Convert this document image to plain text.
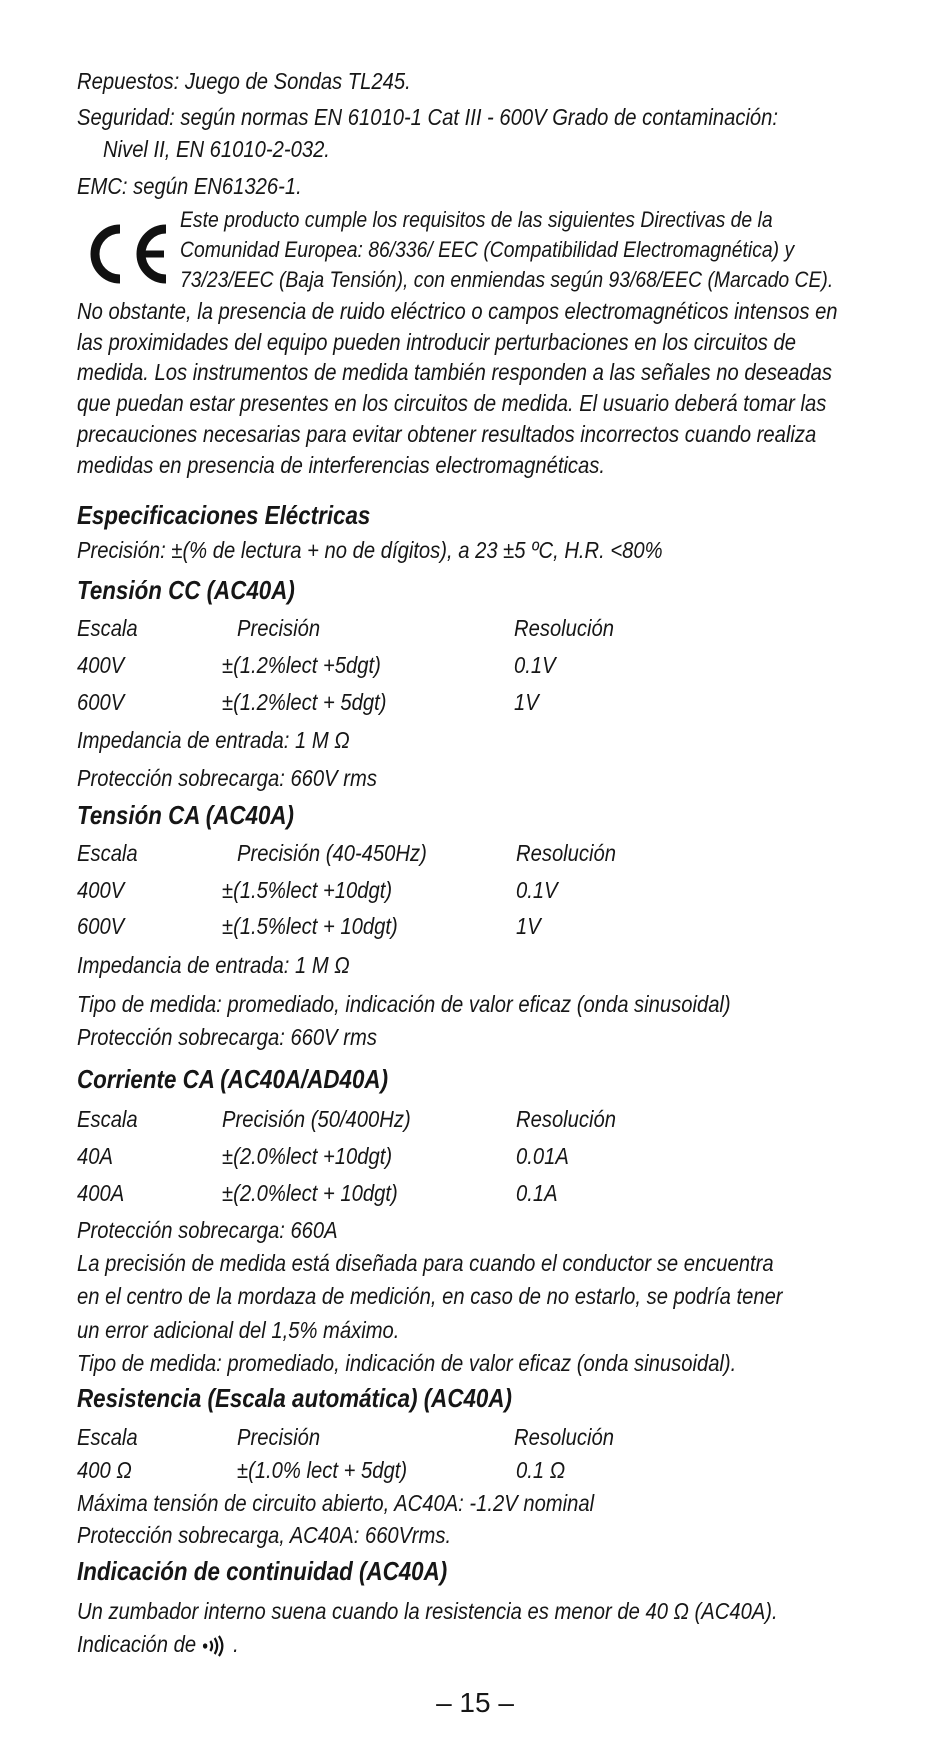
Repuestos: Juego de Sondas TL245.
Seguridad: según normas EN 61010-1 Cat III - 600V Grado de contaminación:
Nivel II, EN 61010-2-032.
EMC: según EN61326-1.
Este producto cumple los requisitos de las siguientes Directivas de la
Comunidad Europea: 86/336/ EEC (Compatibilidad Electromagnética) y
73/23/EEC (Baja Tensión), con enmiendas según 93/68/EEC (Marcado CE).
No obstante, la presencia de ruido eléctrico o campos electromagnéticos intensos en
las proximidades del equipo pueden introducir perturbaciones en los circuitos de
medida. Los instrumentos de medida también responden a las señales no deseadas
que puedan estar presentes en los circuitos de medida. El usuario deberá tomar las
precauciones necesarias para evitar obtener resultados incorrectos cuando realiza
medidas en presencia de interferencias electromagnéticas.
Especificaciones Eléctricas
Precisión: ±(% de lectura + no de dígitos), a 23 ±5 ºC, H.R. <80%
Tensión CC (AC40A)
Escala	Precisión	Resolución
400V	±(1.2%lect +5dgt)	0.1V
600V	±(1.2%lect + 5dgt)	1V
Impedancia de entrada: 1 M Ω
Protección sobrecarga: 660V rms
Tensión CA (AC40A)
Escala	Precisión (40-450Hz)	Resolución
400V	±(1.5%lect +10dgt)	0.1V
600V	±(1.5%lect + 10dgt)	1V
Impedancia de entrada: 1 M Ω
Tipo de medida: promediado, indicación de valor eficaz (onda sinusoidal)
Protección sobrecarga: 660V rms
Corriente CA (AC40A/AD40A)
Escala	Precisión (50/400Hz)	Resolución
40A	±(2.0%lect +10dgt)	0.01A
400A	±(2.0%lect + 10dgt)	0.1A
Protección sobrecarga: 660A
La precisión de medida está diseñada para cuando el conductor se encuentra
en el centro de la mordaza de medición, en caso de no estarlo, se podría tener
un error adicional del 1,5% máximo.
Tipo de medida: promediado, indicación de valor eficaz (onda sinusoidal).
Resistencia (Escala automática) (AC40A)
Escala	Precisión	Resolución
400 Ω	±(1.0% lect + 5dgt)	0.1 Ω
Máxima tensión de circuito abierto, AC40A: -1.2V nominal
Protección sobrecarga, AC40A: 660Vrms.
Indicación de continuidad (AC40A)
Un zumbador interno suena cuando la resistencia es menor de 40 Ω (AC40A).
Indicación de .
– 15 –
